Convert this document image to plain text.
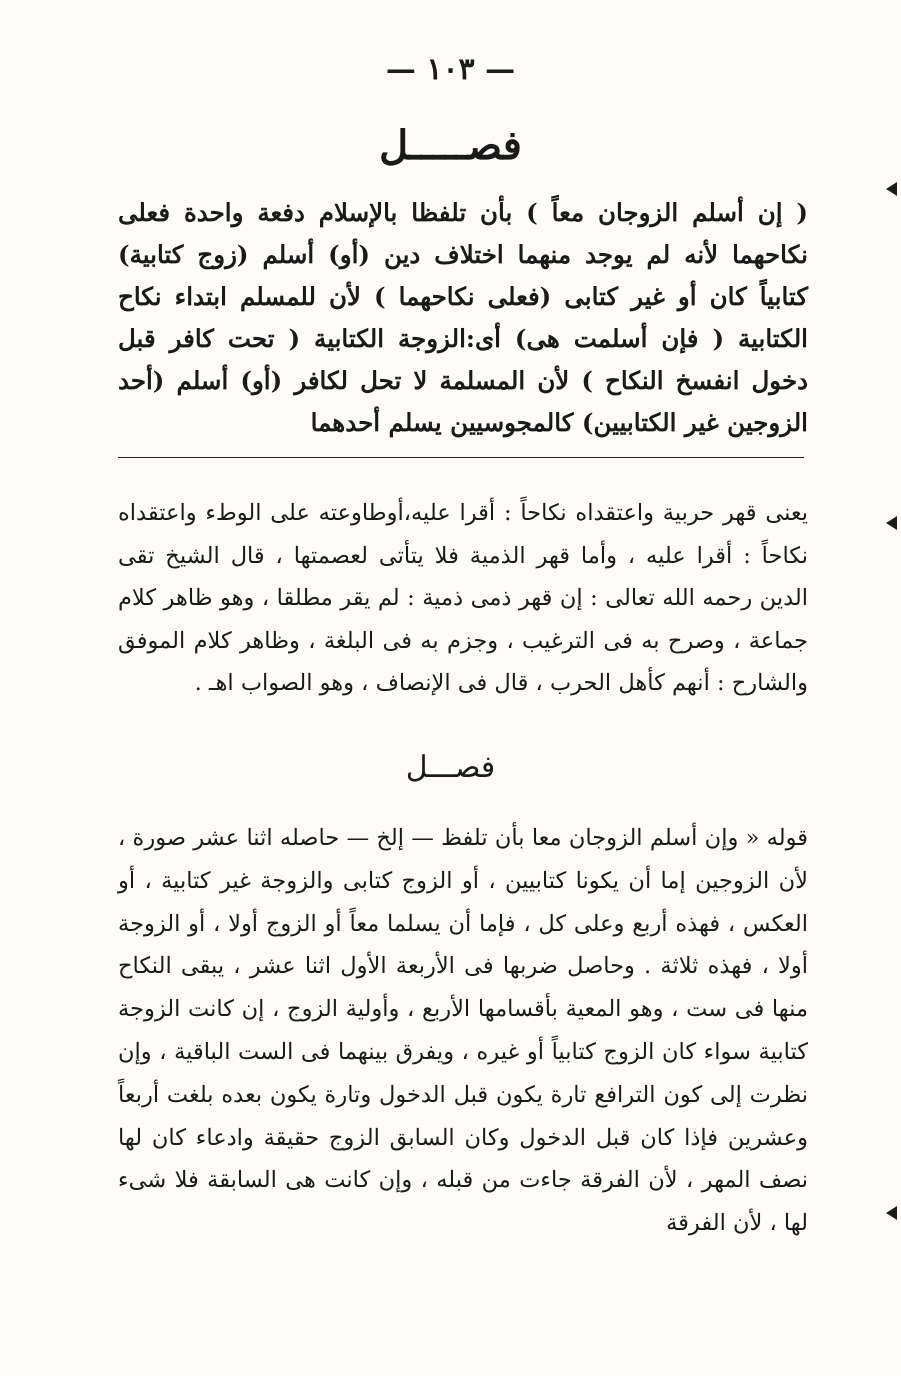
— ١٠٣ —
فصـــــل

( إن أسلم الزوجان معاً ) بأن تلفظا بالإسلام دفعة واحدة فعلى نكاحهما لأنه لم يوجد منهما اختلاف دين (أو) أسلم (زوج كتابية) كتابياً كان أو غير كتابى (فعلى نكاحهما ) لأن للمسلم ابتداء نكاح الكتابية ( فإن أسلمت هى) أى:الزوجة الكتابية ( تحت كافر قبل دخول انفسخ النكاح ) لأن المسلمة لا تحل لكافر (أو) أسلم (أحد الزوجين غير الكتابيين) كالمجوسيين يسلم أحدهما

يعنى قهر حربية واعتقداه نكاحاً : أقرا عليه،أوطاوعته على الوطء واعتقداه نكاحاً : أقرا عليه ، وأما قهر الذمية فلا يتأتى لعصمتها ، قال الشيخ تقى الدين رحمه الله تعالى : إن قهر ذمى ذمية : لم يقر مطلقا ، وهو ظاهر كلام جماعة ، وصرح به فى الترغيب ، وجزم به فى البلغة ، وظاهر كلام الموفق والشارح : أنهم كأهل الحرب ، قال فى الإنصاف ، وهو الصواب اهـ .

فصـــل

قوله « وإن أسلم الزوجان معا بأن تلفظ — إلخ — حاصله اثنا عشر صورة ، لأن الزوجين إما أن يكونا كتابيين ، أو الزوج كتابى والزوجة غير كتابية ، أو العكس ، فهذه أربع وعلى كل ، فإما أن يسلما معاً أو الزوج أولا ، أو الزوجة أولا ، فهذه ثلاثة . وحاصل ضربها فى الأربعة الأول اثنا عشر ، يبقى النكاح منها فى ست ، وهو المعية بأقسامها الأربع ، وأولية الزوج ، إن كانت الزوجة كتابية سواء كان الزوج كتابياً أو غيره ، ويفرق بينهما فى الست الباقية ، وإن نظرت إلى كون الترافع تارة يكون قبل الدخول وتارة يكون بعده بلغت أربعاً وعشرين فإذا كان قبل الدخول وكان السابق الزوج حقيقة وادعاء كان لها نصف المهر ، لأن الفرقة جاءت من قبله ، وإن كانت هى السابقة فلا شىء لها ، لأن الفرقة
